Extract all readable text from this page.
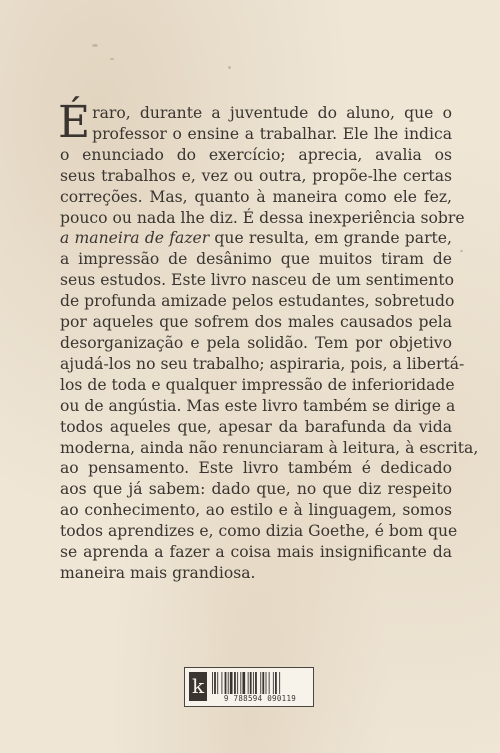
É raro, durante a juventude do aluno, que o
professor o ensine a trabalhar. Ele lhe indica
o enunciado do exercício; aprecia, avalia os
seus trabalhos e, vez ou outra, propõe-lhe certas
correções. Mas, quanto à maneira como ele fez,
pouco ou nada lhe diz. É dessa inexperiência sobre
a maneira de fazer que resulta, em grande parte,
a impressão de desânimo que muitos tiram de
seus estudos. Este livro nasceu de um sentimento
de profunda amizade pelos estudantes, sobretudo
por aqueles que sofrem dos males causados pela
desorganização e pela solidão. Tem por objetivo
ajudá-los no seu trabalho; aspiraria, pois, a libertá-
los de toda e qualquer impressão de inferioridade
ou de angústia. Mas este livro também se dirige a
todos aqueles que, apesar da barafunda da vida
moderna, ainda não renunciaram à leitura, à escrita,
ao pensamento. Este livro também é dedicado
aos que já sabem: dado que, no que diz respeito
ao conhecimento, ao estilo e à linguagem, somos
todos aprendizes e, como dizia Goethe, é bom que
se aprenda a fazer a coisa mais insignificante da
maneira mais grandiosa.
k
9 788594 090119
